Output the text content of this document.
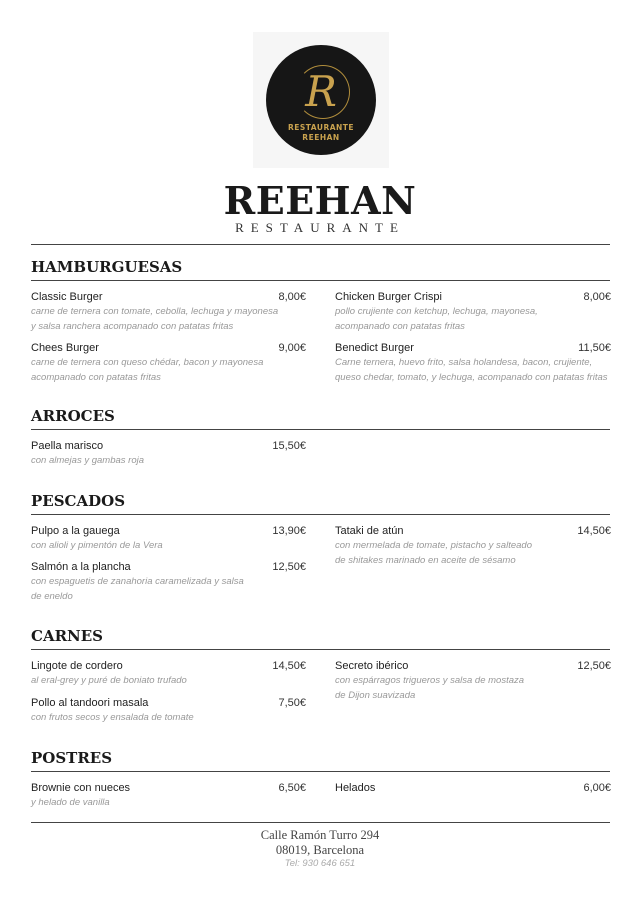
R
RESTAURANTE
REEHAN
REEHAN
RESTAURANTE
HAMBURGUESAS
Classic Burger	8,00€
carne de ternera con tomate, cebolla, lechuga y mayonesa
y salsa ranchera acompanado con patatas fritas
Chees Burger	9,00€
carne de ternera con queso chédar, bacon y mayonesa
acompanado con patatas fritas
Chicken Burger Crispi	8,00€
pollo crujiente con ketchup, lechuga, mayonesa,
acompanado con patatas fritas
Benedict Burger	11,50€
Carne ternera, huevo frito, salsa holandesa, bacon, crujiente,
queso chedar, tomato, y lechuga, acompanado con patatas fritas
ARROCES
Paella marisco	15,50€
con almejas y gambas roja
PESCADOS
Pulpo a la gauega	13,90€
con alioli y pimentón de la Vera
Salmón a la plancha	12,50€
con espaguetis de zanahoria caramelizada y salsa
de eneldo
Tataki de atún	14,50€
con mermelada de tomate, pistacho y salteado
de shitakes marinado en aceite de sésamo
CARNES
Lingote de cordero	14,50€
al eral-grey y puré de boniato trufado
Pollo al tandoori masala	7,50€
con frutos secos y ensalada de tomate
Secreto ibérico	12,50€
con espárragos trigueros y salsa de mostaza
de Dijon suavizada
POSTRES
Brownie con nueces	6,50€
y helado de vanilla
Helados	6,00€
Calle Ramón Turro 294
08019, Barcelona
Tel: 930 646 651
